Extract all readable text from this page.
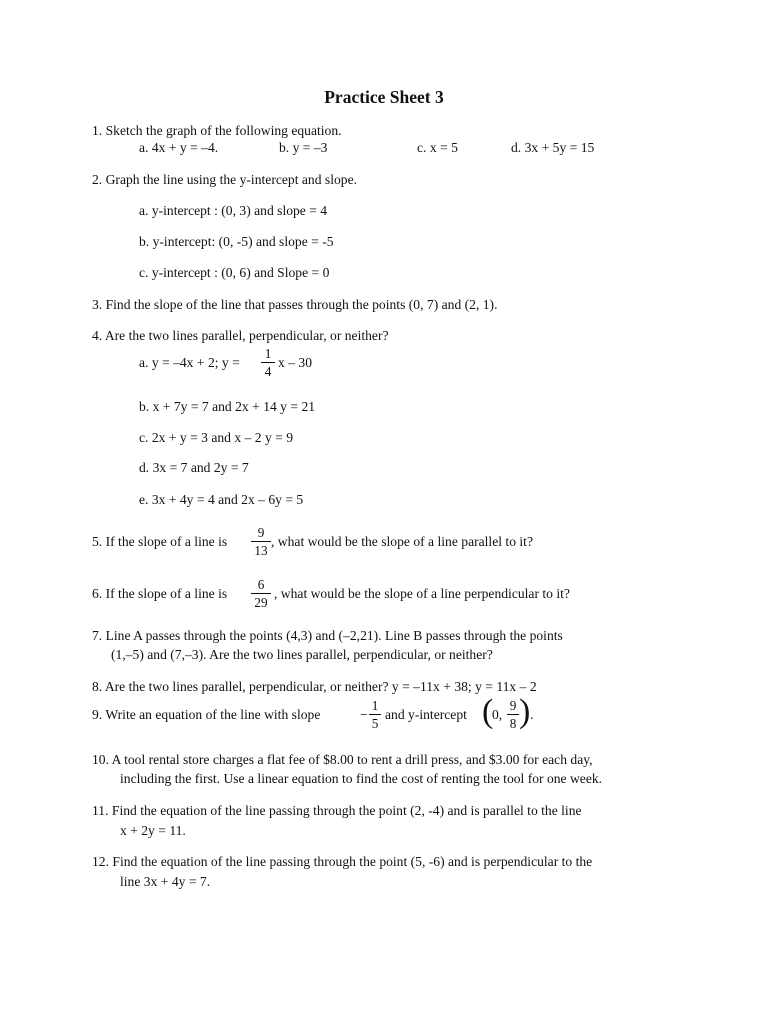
Practice Sheet 3
1. Sketch the graph of the following equation.
a. 4x + y = –4.	b. y = –3	c. x = 5	d. 3x + 5y = 15
2. Graph the line using the y-intercept and slope.
a. y-intercept : (0, 3) and slope = 4
b. y-intercept: (0, -5) and slope = -5
c. y-intercept : (0, 6) and Slope = 0
3. Find the slope of the line that passes through the points (0, 7) and (2, 1).
4. Are the two lines parallel, perpendicular, or neither?
a. y = –4x + 2; y =
1
4
x – 30
b. x + 7y = 7 and 2x + 14 y = 21
c. 2x + y = 3 and x – 2 y = 9
d. 3x = 7 and 2y = 7
e. 3x + 4y = 4 and 2x – 6y = 5
5. If the slope of a line is
9
13
, what would be the slope of a line parallel to it?
6. If the slope of a line is
6
29
, what would be the slope of a line perpendicular to it?
7. Line A passes through the points (4,3) and (–2,21). Line B passes through the points
(1,–5) and (7,–3). Are the two lines parallel, perpendicular, or neither?
8. Are the two lines parallel, perpendicular, or neither? y = –11x + 38; y = 11x – 2
9. Write an equation of the line with slope	−
1
5
and y-intercept (
0,
9
8 ) .
10. A tool rental store charges a flat fee of $8.00 to rent a drill press, and $3.00 for each day,
including the first. Use a linear equation to find the cost of renting the tool for one week.
11. Find the equation of the line passing through the point (2, -4) and is parallel to the line
x + 2y = 11.
12. Find the equation of the line passing through the point (5, -6) and is perpendicular to the
line 3x + 4y = 7.
